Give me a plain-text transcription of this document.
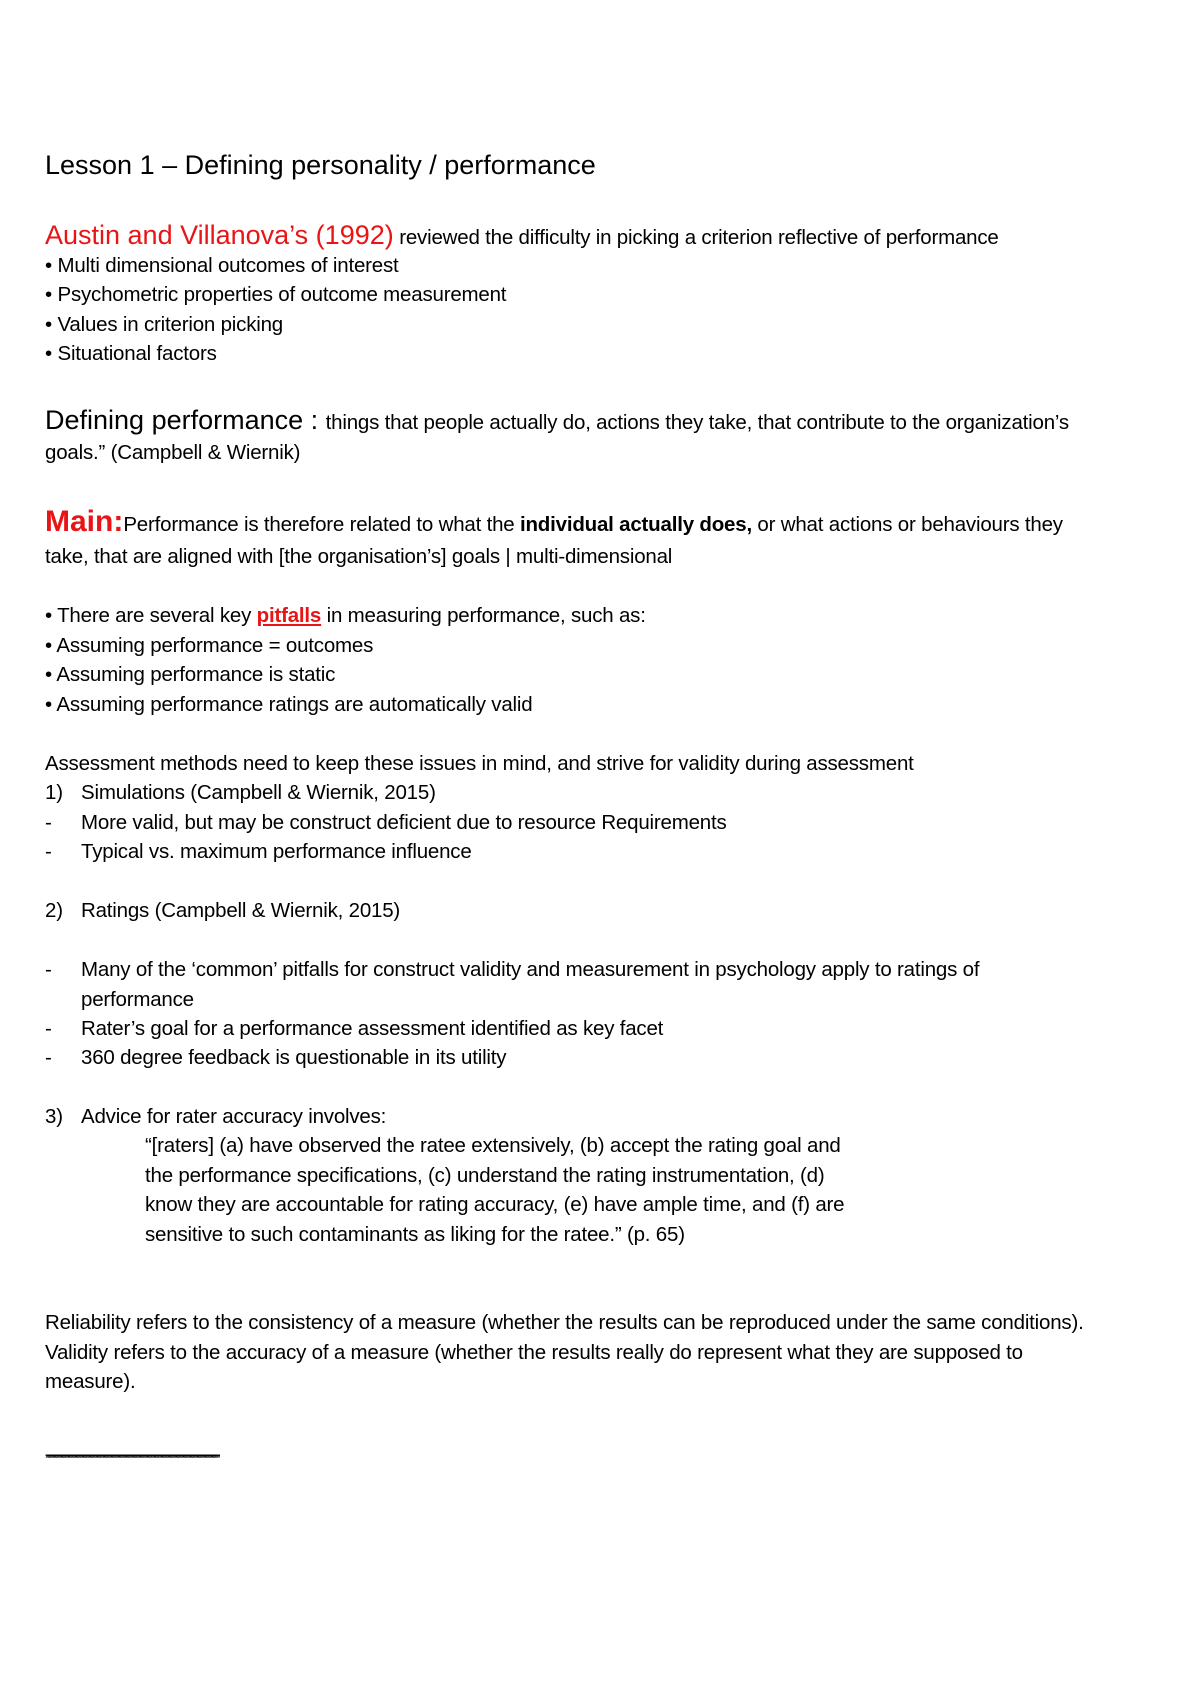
Lesson 1 – Defining personality / performance
Austin and Villanova’s (1992) reviewed the difficulty in picking a criterion reflective of performance
• Multi dimensional outcomes of interest
• Psychometric properties of outcome measurement
• Values in criterion picking
• Situational factors
Defining performance : things that people actually do, actions they take, that contribute to the organization’s
goals.” (Campbell & Wiernik)
Main:Performance is therefore related to what the individual actually does, or what actions or behaviours they
take, that are aligned with [the organisation’s] goals | multi-dimensional
• There are several key pitfalls in measuring performance, such as:
• Assuming performance = outcomes
• Assuming performance is static
• Assuming performance ratings are automatically valid
Assessment methods need to keep these issues in mind, and strive for validity during assessment
1) Simulations (Campbell & Wiernik, 2015)
- More valid, but may be construct deficient due to resource Requirements
- Typical vs. maximum performance influence
2) Ratings (Campbell & Wiernik, 2015)
- Many of the ‘common’ pitfalls for construct validity and measurement in psychology apply to ratings of
performance
- Rater’s goal for a performance assessment identified as key facet
- 360 degree feedback is questionable in its utility
3) Advice for rater accuracy involves:
“[raters] (a) have observed the ratee extensively, (b) accept the rating goal and
the performance specifications, (c) understand the rating instrumentation, (d)
know they are accountable for rating accuracy, (e) have ample time, and (f) are
sensitive to such contaminants as liking for the ratee.” (p. 65)
Reliability refers to the consistency of a measure (whether the results can be reproduced under the same conditions).
Validity refers to the accuracy of a measure (whether the results really do represent what they are supposed to
measure).
””””””””””””””””””””””””””””””””””””””””””””””””””””””””””””””””””””””””””””””””””””””””””””””””””””””””””””””””””””””””””””””””””””””””””””””””””””
